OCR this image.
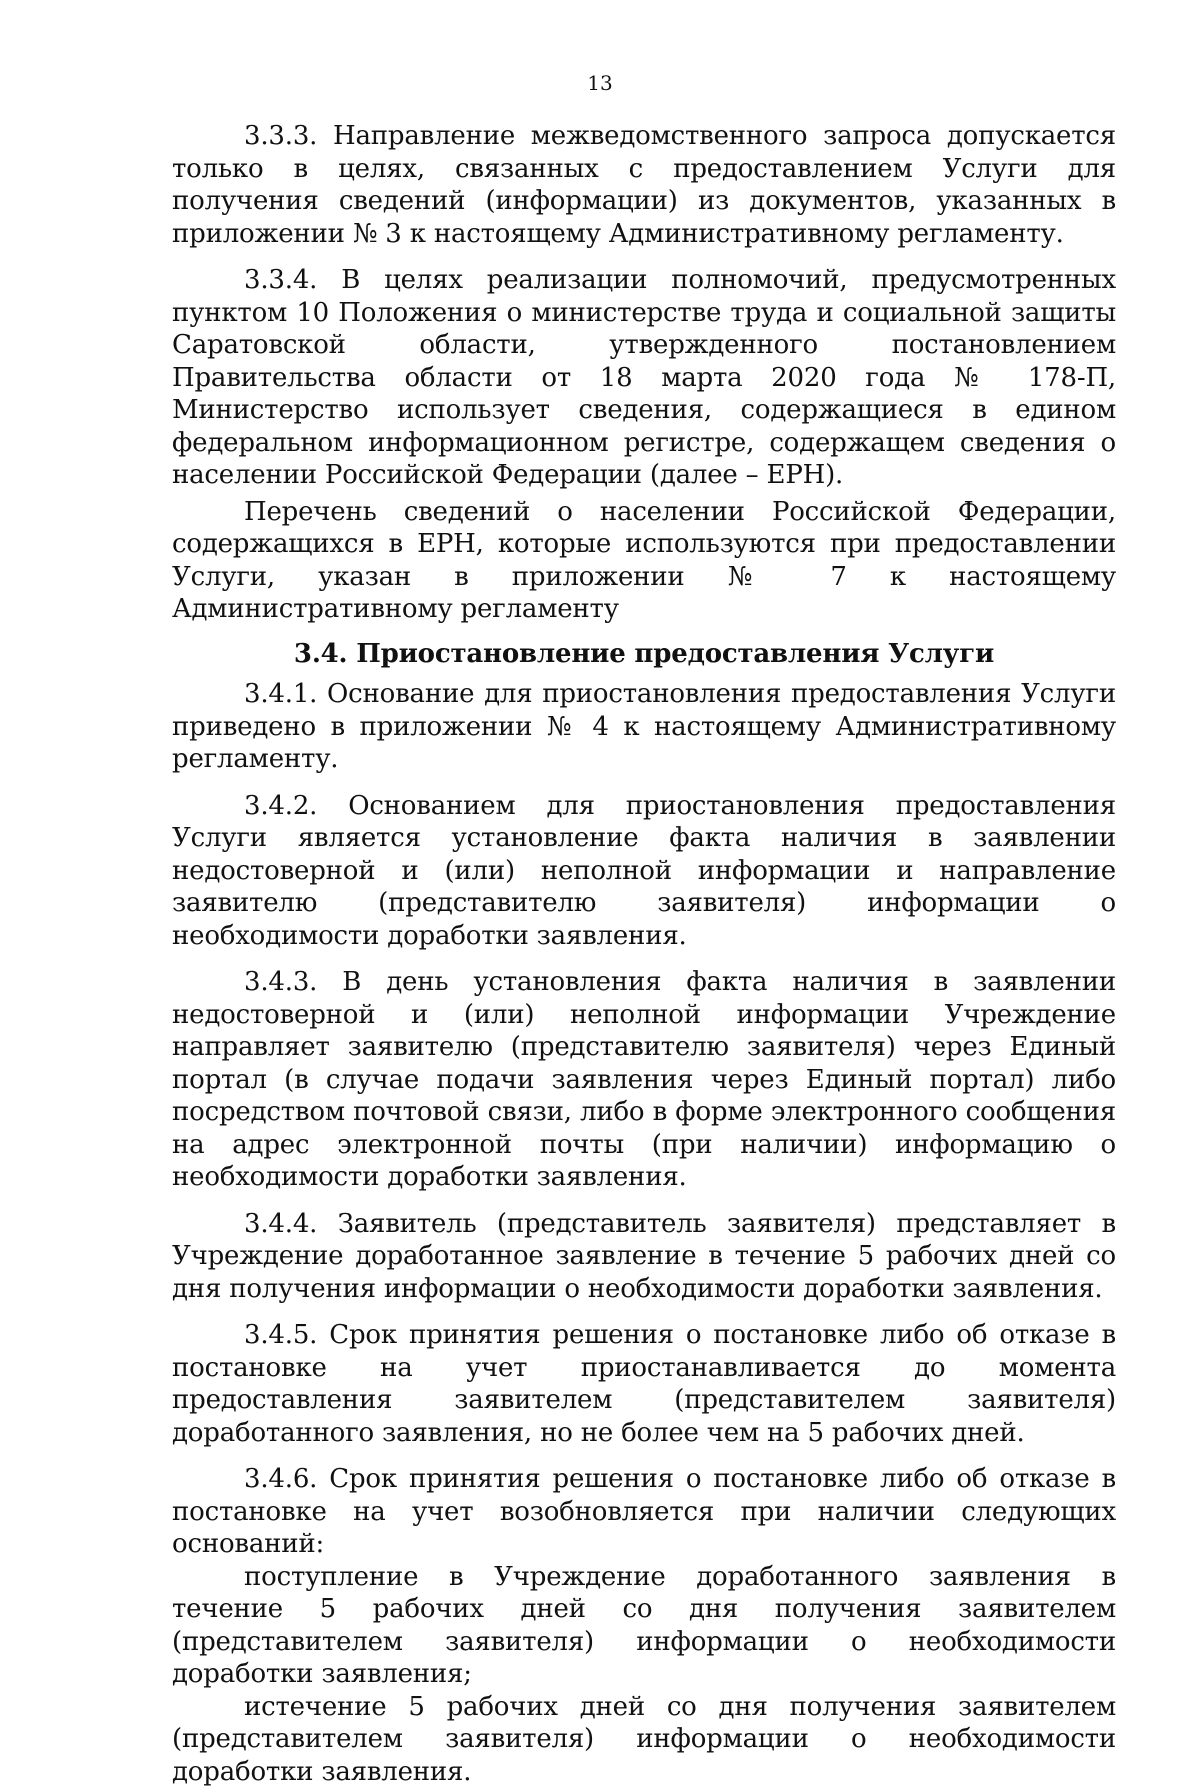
13

3.3.3. Направление межведомственного запроса допускается только в целях, связанных с предоставлением Услуги для получения сведений (информации) из документов, указанных в приложении № 3 к настоящему Административному регламенту.

3.3.4. В целях реализации полномочий, предусмотренных пунктом 10 Положения о министерстве труда и социальной защиты Саратовской области, утвержденного постановлением Правительства области от 18 марта 2020 года № 178-П, Министерство использует сведения, содержащиеся в едином федеральном информационном регистре, содержащем сведения о населении Российской Федерации (далее – ЕРН).

Перечень сведений о населении Российской Федерации, содержащихся в ЕРН, которые используются при предоставлении Услуги, указан в приложении № 7 к настоящему Административному регламенту

3.4. Приостановление предоставления Услуги

3.4.1. Основание для приостановления предоставления Услуги приведено в приложении № 4 к настоящему Административному регламенту.

3.4.2. Основанием для приостановления предоставления Услуги является установление факта наличия в заявлении недостоверной и (или) неполной информации и направление заявителю (представителю заявителя) информации о необходимости доработки заявления.

3.4.3. В день установления факта наличия в заявлении недостоверной и (или) неполной информации Учреждение направляет заявителю (представителю заявителя) через Единый портал (в случае подачи заявления через Единый портал) либо посредством почтовой связи, либо в форме электронного сообщения на адрес электронной почты (при наличии) информацию о необходимости доработки заявления.

3.4.4. Заявитель (представитель заявителя) представляет в Учреждение доработанное заявление в течение 5 рабочих дней со дня получения информации о необходимости доработки заявления.

3.4.5. Срок принятия решения о постановке либо об отказе в постановке на учет приостанавливается до момента предоставления заявителем (представителем заявителя) доработанного заявления, но не более чем на 5 рабочих дней.

3.4.6. Срок принятия решения о постановке либо об отказе в постановке на учет возобновляется при наличии следующих оснований:

поступление в Учреждение доработанного заявления в течение 5 рабочих дней со дня получения заявителем (представителем заявителя) информации о необходимости доработки заявления;

истечение 5 рабочих дней со дня получения заявителем (представителем заявителя) информации о необходимости доработки заявления.
